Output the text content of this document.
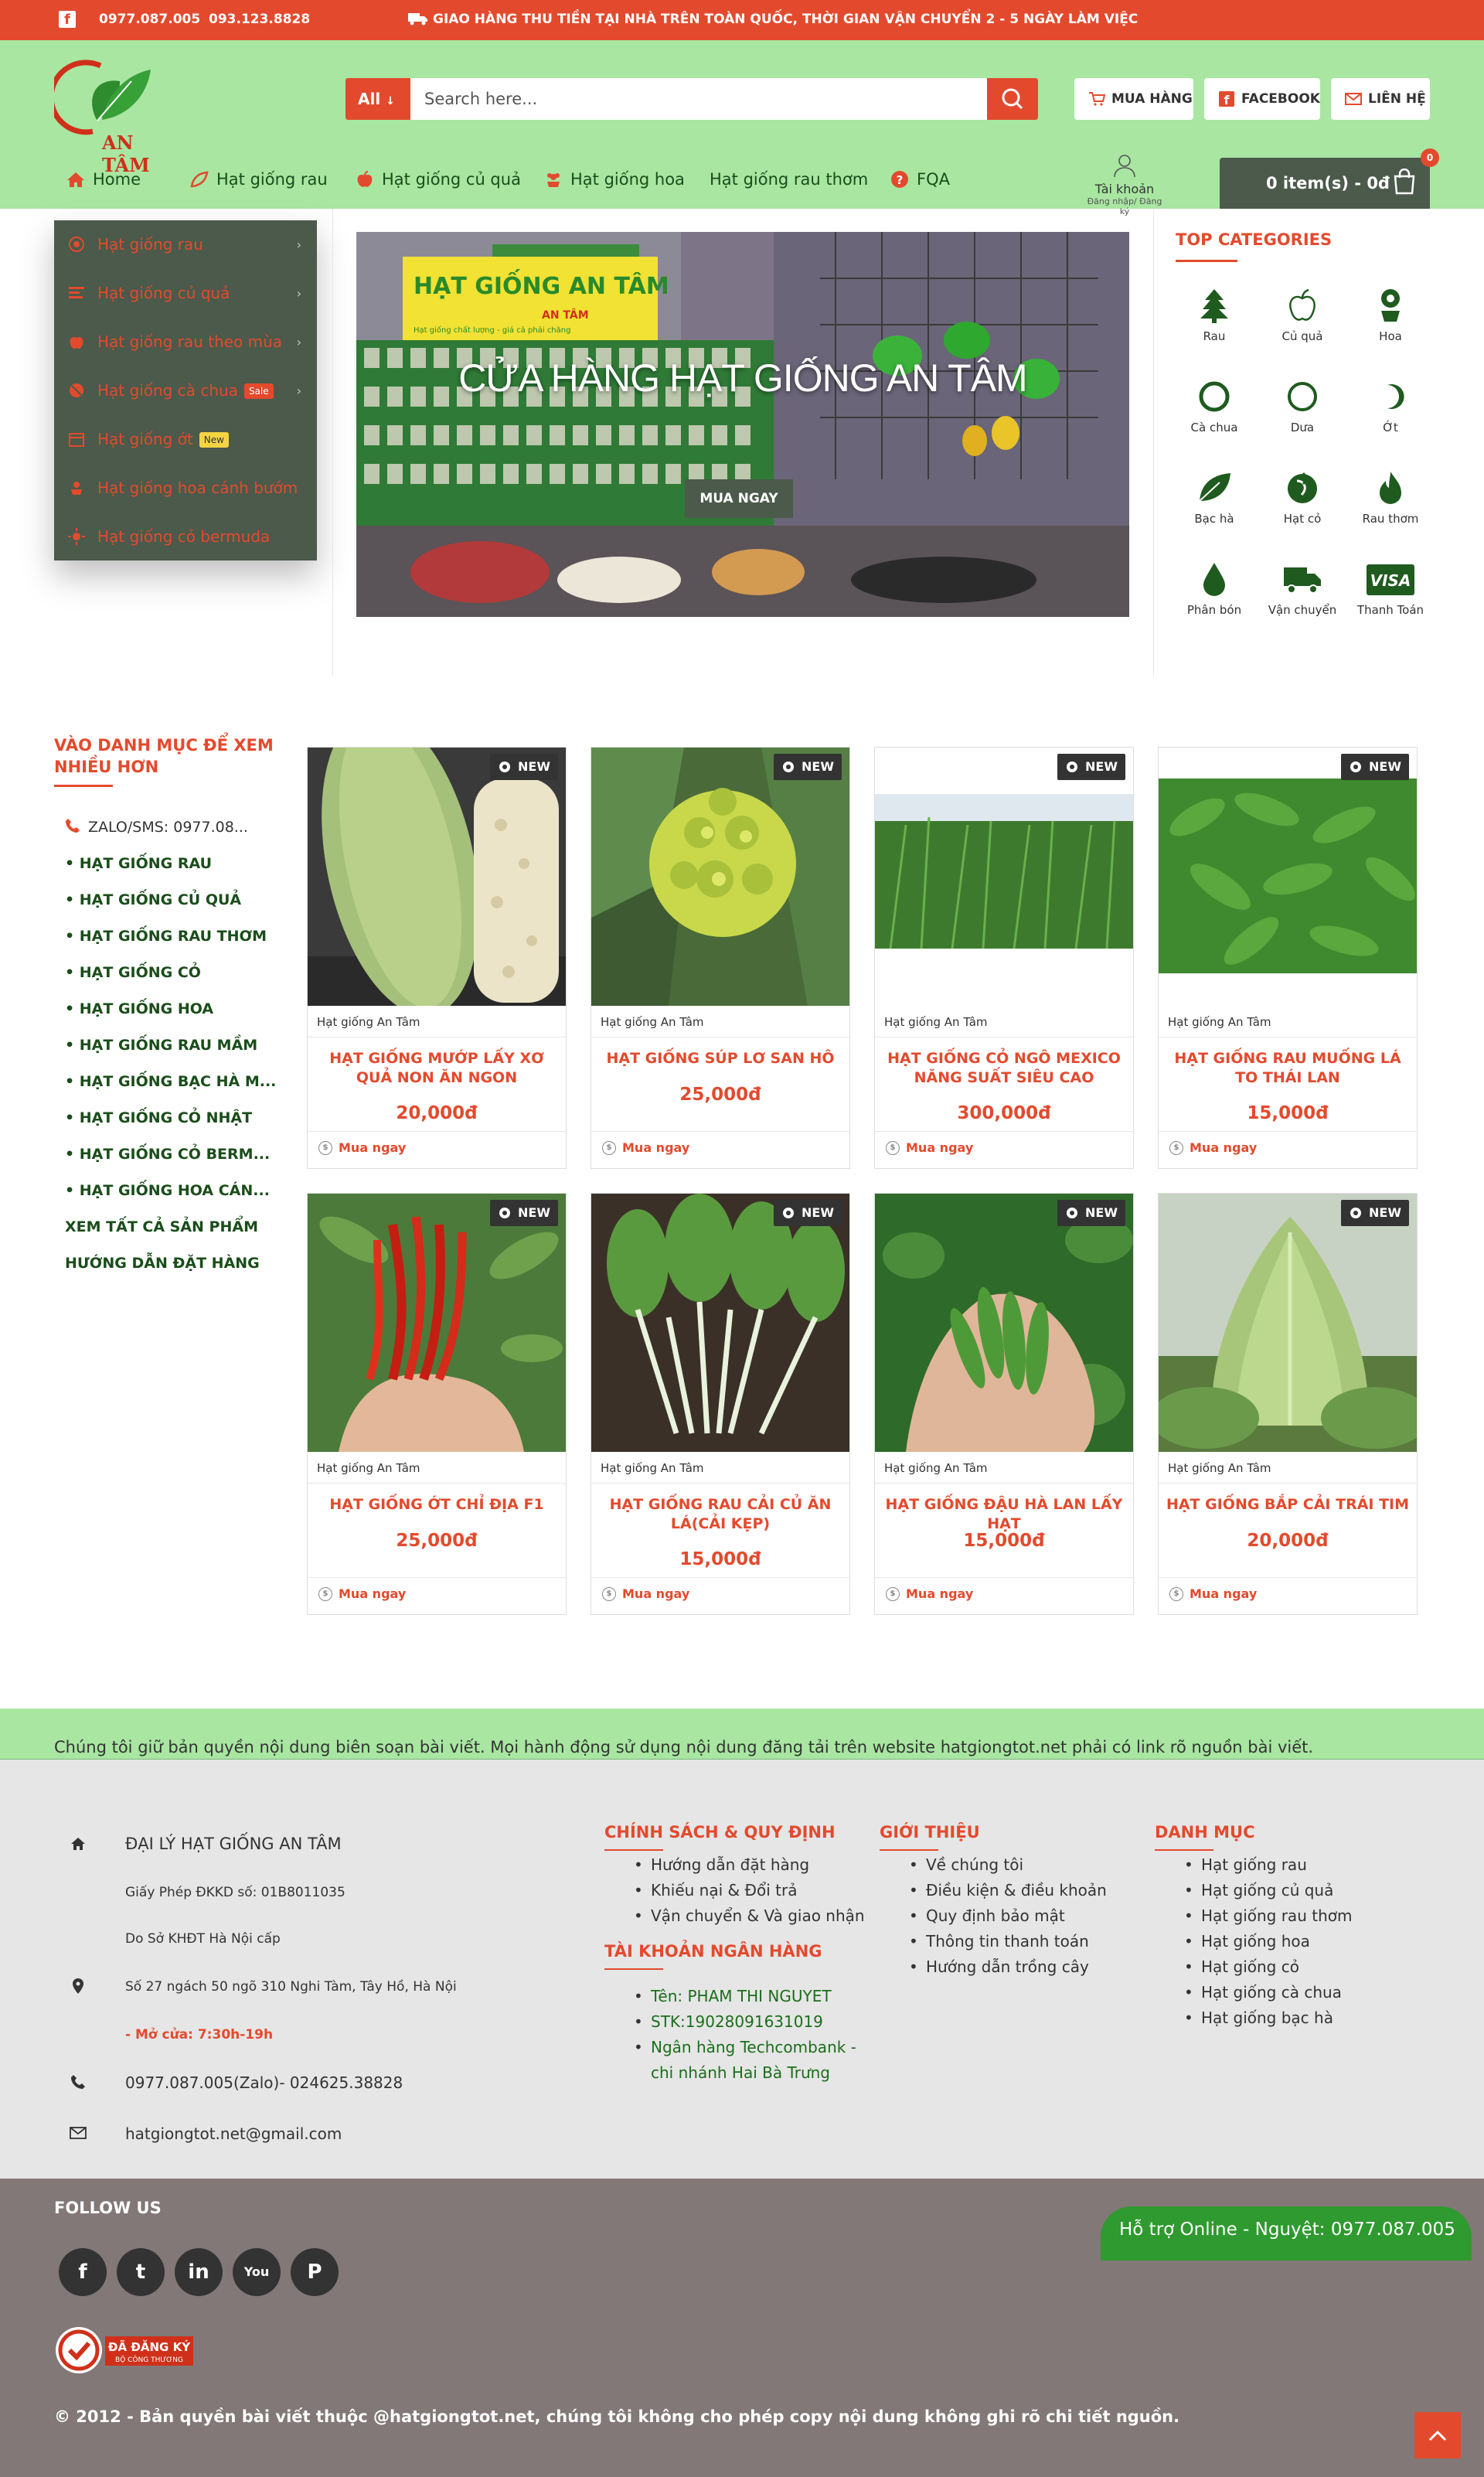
f	0977.087.005 093.123.8828	GIAO HÀNG THU TIỀN TẠI NHÀ TRÊN TOÀN QUỐC, THỜI GIAN VẬN CHUYỂN 2 - 5 NGÀY LÀM VIỆC
AN TÂM
All ↓
Search here...	MUA HÀNG	f FACEBOOK	LIÊN HỆ
Home	Hạt giống rau	Hạt giống củ quả	Hạt giống hoa Hạt giống rau thơm ? FQA
Tài khoản
Đăng nhập/ Đăng ký
0 item(s) - 0đ
0
Hạt giống rau	›
Hạt giống củ quả	›
Hạt giống rau theo mùa ›
Hạt giống cà chua Sale ›
Hạt giống ớt New
Hạt giống hoa cánh bướm
Hạt giống cỏ bermuda
HẠT GIỐNG AN TÂM
AN TÂM
Hạt giống chất lượng - giá cả phải chăng
CỬA HÀNG HẠT GIỐNG AN TÂM
MUA NGAY
TOP CATEGORIES
Rau	Củ quả	Hoa
Cà chua	Dưa	Ớt
Bạc hà	Hạt cỏ	Rau thơm
Phân bón	Vận chuyển
VISA
Thanh Toán
VÀO DANH MỤC ĐỂ XEM NHIỀU HƠN
ZALO/SMS: 0977.08...
• HẠT GIỐNG RAU
• HẠT GIỐNG CỦ QUẢ
• HẠT GIỐNG RAU THƠM
• HẠT GIỐNG CỎ
• HẠT GIỐNG HOA
• HẠT GIỐNG RAU MẦM
• HẠT GIỐNG BẠC HÀ M...
• HẠT GIỐNG CỎ NHẬT
• HẠT GIỐNG CỎ BERM...
• HẠT GIỐNG HOA CÁN...
XEM TẤT CẢ SẢN PHẨM
HƯỚNG DẪN ĐẶT HÀNG
NEW
Hạt giống An Tâm
HẠT GIỐNG MƯỚP LẤY XƠ QUẢ NON ĂN NGON
20,000đ
$ Mua ngay
NEW
Hạt giống An Tâm
HẠT GIỐNG SÚP LƠ SAN HÔ
25,000đ
$ Mua ngay
NEW
Hạt giống An Tâm
HẠT GIỐNG CỎ NGÔ MEXICO NĂNG SUẤT SIÊU CAO
300,000đ
$ Mua ngay
NEW
Hạt giống An Tâm
HẠT GIỐNG RAU MUỐNG LÁ TO THÁI LAN
15,000đ
$ Mua ngay
NEW
Hạt giống An Tâm
HẠT GIỐNG ỚT CHỈ ĐỊA F1
25,000đ
$ Mua ngay
NEW
Hạt giống An Tâm
HẠT GIỐNG RAU CẢI CỦ ĂN LÁ(CẢI KẸP)
15,000đ
$ Mua ngay
NEW
Hạt giống An Tâm
HẠT GIỐNG ĐẬU HÀ LAN LẤY HẠT
15,000đ
$ Mua ngay
NEW
Hạt giống An Tâm
HẠT GIỐNG BẮP CẢI TRÁI TIM
20,000đ
$ Mua ngay
Chúng tôi giữ bản quyền nội dung biên soạn bài viết. Mọi hành động sử dụng nội dung đăng tải trên website hatgiongtot.net phải có link rõ nguồn bài viết.
ĐẠI LÝ HẠT GIỐNG AN TÂM
Giấy Phép ĐKKD số: 01B8011035
Do Sở KHĐT Hà Nội cấp
Số 27 ngách 50 ngõ 310 Nghi Tàm, Tây Hồ, Hà Nội
- Mở cửa: 7:30h-19h
0977.087.005(Zalo)- 024625.38828
hatgiongtot.net@gmail.com
CHÍNH SÁCH & QUY ĐỊNH
• Hướng dẫn đặt hàng
• Khiếu nại & Đổi trả
• Vận chuyển & Và giao nhận
TÀI KHOẢN NGÂN HÀNG
• Tên: PHAM THI NGUYET
• STK:19028091631019
• Ngân hàng Techcombank - chi nhánh Hai Bà Trưng
GIỚI THIỆU
• Về chúng tôi
• Điều kiện & điều khoản
• Quy định bảo mật
• Thông tin thanh toán
• Hướng dẫn trồng cây
DANH MỤC
• Hạt giống rau
• Hạt giống củ quả
• Hạt giống rau thơm
• Hạt giống hoa
• Hạt giống cỏ
• Hạt giống cà chua
• Hạt giống bạc hà
FOLLOW US
f	t	in	You	P
ĐÃ ĐĂNG KÝ
BỘ CÔNG THƯƠNG
© 2012 - Bản quyền bài viết thuộc @hatgiongtot.net, chúng tôi không cho phép copy nội dung không ghi rõ chi tiết nguồn.
Hỗ trợ Online - Nguyệt: 0977.087.005
